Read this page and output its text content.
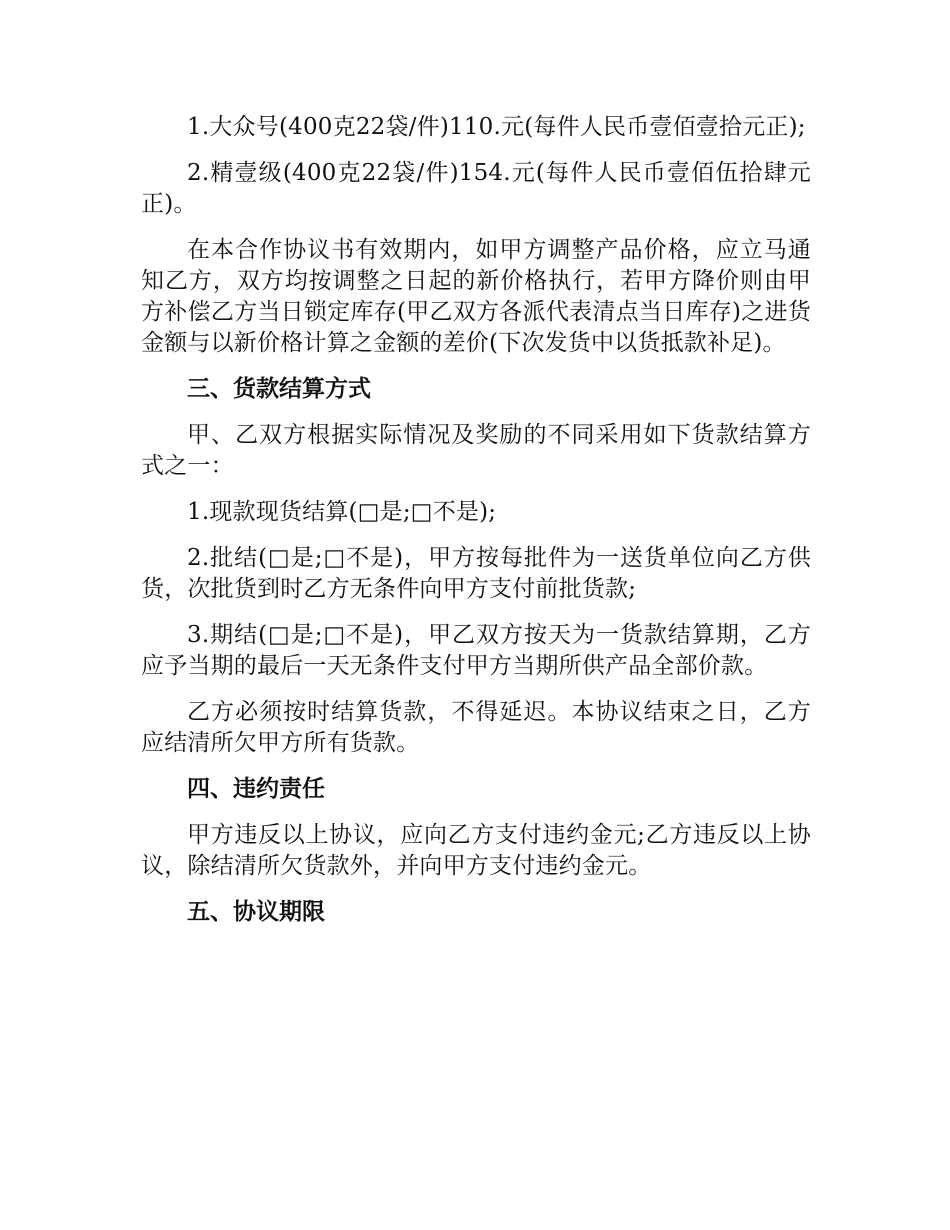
1.大众号(400克22袋/件)110.元(每件人民币壹佰壹拾元正);

2.精壹级(400克22袋/件)154.元(每件人民币壹佰伍拾肆元正)。

在本合作协议书有效期内，如甲方调整产品价格，应立马通知乙方，双方均按调整之日起的新价格执行，若甲方降价则由甲方补偿乙方当日锁定库存(甲乙双方各派代表清点当日库存)之进货金额与以新价格计算之金额的差价(下次发货中以货抵款补足)。

三、货款结算方式

甲、乙双方根据实际情况及奖励的不同采用如下货款结算方式之一：

1.现款现货结算(□是;□不是);

2.批结(□是;□不是)，甲方按每批件为一送货单位向乙方供货，次批货到时乙方无条件向甲方支付前批货款;

3.期结(□是;□不是)，甲乙双方按天为一货款结算期，乙方应予当期的最后一天无条件支付甲方当期所供产品全部价款。

乙方必须按时结算货款，不得延迟。本协议结束之日，乙方应结清所欠甲方所有货款。

四、违约责任

甲方违反以上协议，应向乙方支付违约金元;乙方违反以上协议，除结清所欠货款外，并向甲方支付违约金元。

五、协议期限
